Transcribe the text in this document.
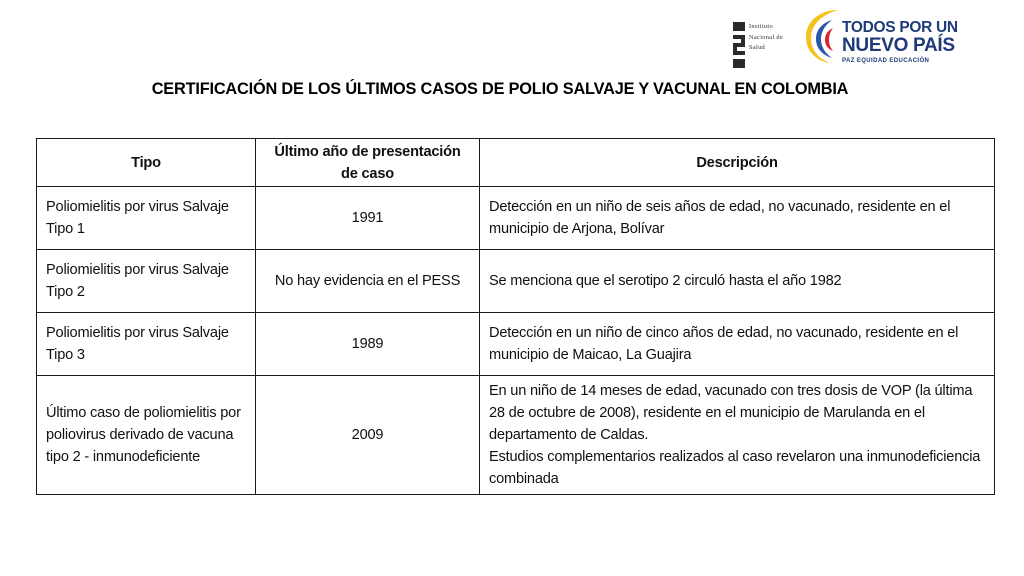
Instituto
Nacional de
Salud
TODOS POR UN
NUEVO PAÍS
PAZ EQUIDAD EDUCACIÓN
CERTIFICACIÓN DE LOS ÚLTIMOS CASOS DE POLIO SALVAJE Y VACUNAL EN COLOMBIA
Tipo	Último año de presentación de caso	Descripción
Poliomielitis por virus Salvaje Tipo 1	1991	Detección en un niño de seis años de edad, no vacunado, residente en el municipio de Arjona, Bolívar

Poliomielitis por virus Salvaje Tipo 2	No hay evidencia en el PESS	Se menciona que el serotipo 2 circuló hasta el año 1982

Poliomielitis por virus Salvaje Tipo 3	1989	Detección en un niño de cinco años de edad, no vacunado, residente en el municipio de Maicao, La Guajira

Último caso de poliomielitis por poliovirus derivado de vacuna tipo 2 - inmunodeficiente	2009	En un niño de 14 meses de edad, vacunado con tres dosis de VOP (la última 28 de octubre de 2008), residente en el municipio de Marulanda en el departamento de Caldas.
Estudios complementarios realizados al caso revelaron una inmunodeficiencia combinada
